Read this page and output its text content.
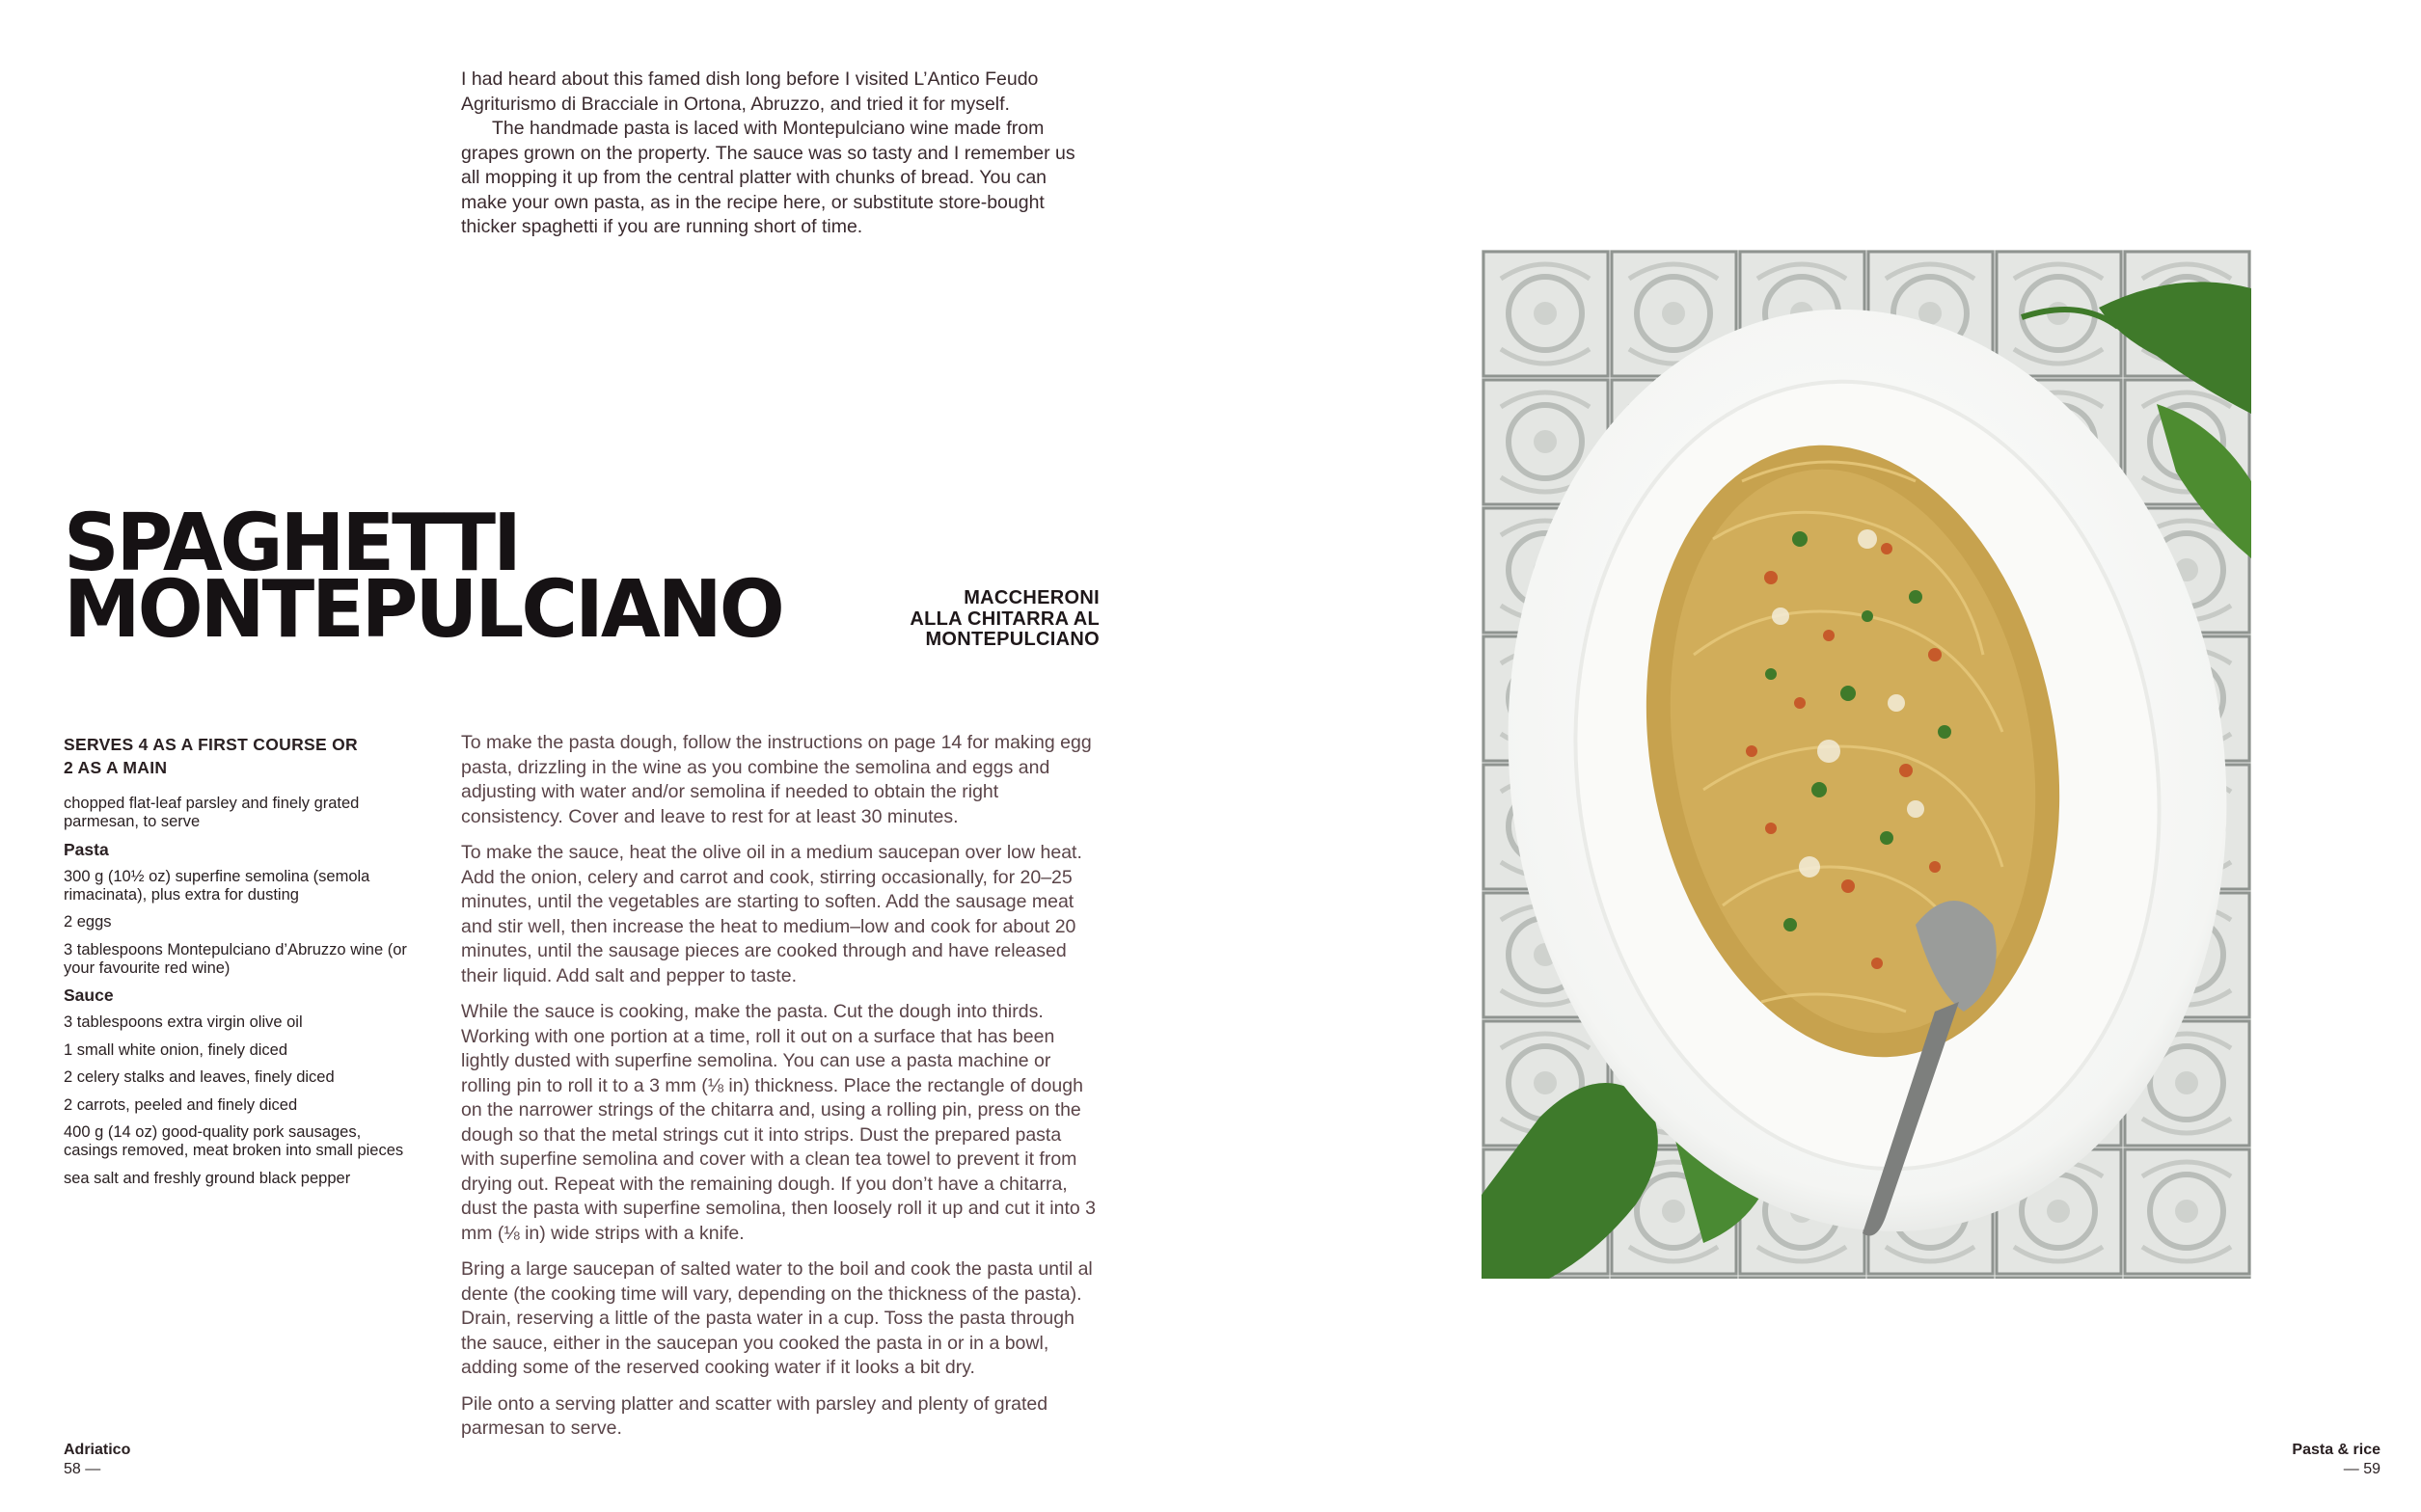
I had heard about this famed dish long before I visited L’Antico Feudo Agriturismo di Bracciale in Ortona, Abruzzo, and tried it for myself.

The handmade pasta is laced with Montepulciano wine made from grapes grown on the property. The sauce was so tasty and I remember us all mopping it up from the central platter with chunks of bread. You can make your own pasta, as in the recipe here, or substitute store-bought thicker spaghetti if you are running short of time.

SPAGHETTI
MONTEPULCIANO	MACCHERONI
ALLA CHITARRA AL
MONTEPULCIANO
SERVES 4 AS A FIRST COURSE OR
2 AS A MAIN
chopped flat-leaf parsley and finely grated parmesan, to serve
Pasta
300 g (10½ oz) superfine semolina (semola rimacinata), plus extra for dusting
2 eggs
3 tablespoons Montepulciano d’Abruzzo wine (or your favourite red wine)
Sauce
3 tablespoons extra virgin olive oil
1 small white onion, finely diced
2 celery stalks and leaves, finely diced
2 carrots, peeled and finely diced
400 g (14 oz) good-quality pork sausages, casings removed, meat broken into small pieces
sea salt and freshly ground black pepper

To make the pasta dough, follow the instructions on page 14 for making egg pasta, drizzling in the wine as you combine the semolina and eggs and adjusting with water and/or semolina if needed to obtain the right consistency. Cover and leave to rest for at least 30 minutes.

To make the sauce, heat the olive oil in a medium saucepan over low heat. Add the onion, celery and carrot and cook, stirring occasionally, for 20–25 minutes, until the vegetables are starting to soften. Add the sausage meat and stir well, then increase the heat to medium–low and cook for about 20 minutes, until the sausage pieces are cooked through and have released their liquid. Add salt and pepper to taste.

While the sauce is cooking, make the pasta. Cut the dough into thirds. Working with one portion at a time, roll it out on a surface that has been lightly dusted with superfine semolina. You can use a pasta machine or rolling pin to roll it to a 3 mm (⅛ in) thickness. Place the rectangle of dough on the narrower strings of the chitarra and, using a rolling pin, press on the dough so that the metal strings cut it into strips. Dust the prepared pasta with superfine semolina and cover with a clean tea towel to prevent it from drying out. Repeat with the remaining dough. If you don’t have a chitarra, dust the pasta with superfine semolina, then loosely roll it up and cut it into 3 mm (⅛ in) wide strips with a knife.

Bring a large saucepan of salted water to the boil and cook the pasta until al dente (the cooking time will vary, depending on the thickness of the pasta). Drain, reserving a little of the pasta water in a cup. Toss the pasta through the sauce, either in the saucepan you cooked the pasta in or in a bowl, adding some of the reserved cooking water if it looks a bit dry.

Pile onto a serving platter and scatter with parsley and plenty of grated parmesan to serve.

Adriatico
58 —
Pasta & rice
— 59
